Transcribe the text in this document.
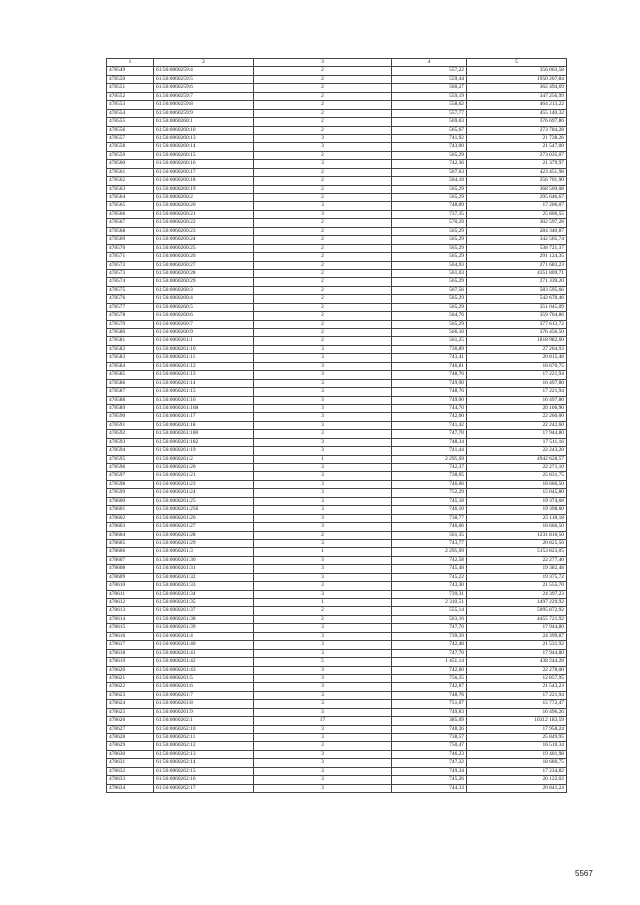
1	2	3	4	5
478549	61:56:0060259:4	2	557,22	356 063,58
478550	61:56:0060259:5	2	559,44	1950 207,84
478551	61:56:0060259:6	2	560,27	362 494,69
478552	61:56:0060259:7	2	559,19	347 256,99
478553	61:56:0060259:8	2	558,62	464 213,22
478554	61:56:0060259:9	2	557,77	455 140,32
478555	61:56:0060260:1	2	569,03	376 697,86
478556	61:56:0060260:10	2	565,67	273 784,28
478557	61:56:0060260:13	3	741,92	21 738,26
478558	61:56:0060260:14	3	743,00	21 547,00
478559	61:56:0060260:15	2	565,29	273 035,07
478560	61:56:0060260:16	3	742,36	21 379,97
478561	61:56:0060260:17	2	567,63	423 451,98
478562	61:56:0060260:18	2	564,18	256 701,90
478563	61:56:0060260:19	2	565,29	368 569,08
478564	61:56:0060260:2	2	565,29	295 646,67
478565	61:56:0060260:20	3	748,09	17 206,07
478566	61:56:0060260:21	3	737,35	25 806,55
478567	61:56:0060260:22	2	570,29	302 597,28
478568	61:56:0060260:23	2	565,29	284 340,87
478569	61:56:0060260:24	2	565,29	342 565,74
478570	61:56:0060260:25	2	565,29	538 721,37
478571	61:56:0060260:26	2	565,29	291 124,35
478572	61:56:0060260:27	2	564,93	271 683,23
478573	61:56:0060260:28	2	561,03	4351 809,71
478574	61:56:0060260:29	2	565,29	271 339,20
478575	61:56:0060260:3	2	567,56	583 595,66
478576	61:56:0060260:4	2	565,29	542 678,46
478577	61:56:0060260:5	2	565,29	351 045,09
478578	61:56:0060260:6	2	564,76	359 764,86
478579	61:56:0060260:7	2	565,29	377 613,72
478580	61:56:0060260:9	2	566,10	376 456,50
478581	61:56:0060261:1	2	561,25	1818 982,60
478582	61:56:0060261:10	3	736,89	27 264,93
478583	61:56:0060261:11	3	743,41	20 815,48
478584	61:56:0060261:12	3	746,81	18 670,75
478585	61:56:0060261:13	3	748,76	17 221,94
478586	61:56:0060261:14	3	749,90	16 497,80
478587	61:56:0060261:15	3	748,76	17 221,94
478588	61:56:0060261:16	3	749,90	16 497,80
478589	61:56:0060261:168	3	744,70	20 106,90
478590	61:56:0060261:17	3	742,00	22 260,00
478591	61:56:0060261:18	3	741,42	22 242,60
478592	61:56:0060261:180	3	747,70	17 944,80
478593	61:56:0060261:182	3	748,34	17 511,16
478594	61:56:0060261:19	3	741,44	22 243,20
478595	61:56:0060261:2	1	2 295,69	4942 628,57
478596	61:56:0060261:20	3	742,37	22 271,10
478597	61:56:0060261:21	3	738,05	25 831,75
478598	61:56:0060261:23	3	746,66	18 666,50
478599	61:56:0060261:24	3	752,29	15 045,80
478600	61:56:0060261:25	3	745,18	19 374,68
478601	61:56:0060261:256	3	746,10	19 398,60
478602	61:56:0060261:26	3	738,77	25 118,18
478603	61:56:0060261:27	3	746,66	18 666,50
478604	61:56:0060261:28	2	561,35	1231 810,50
478605	61:56:0060261:29	3	743,77	20 825,56
478606	61:56:0060261:3	1	2 295,69	5153 823,05
478607	61:56:0060261:30	3	742,58	22 277,40
478608	61:56:0060261:31	3	745,48	19 382,48
478609	61:56:0060261:32	3	745,22	19 375,72
478610	61:56:0060261:33	3	743,30	21 555,70
478611	61:56:0060261:34	3	739,31	24 397,23
478612	61:56:0060261:35	1	2 310,51	1497 229,92
478613	61:56:0060261:37	2	555,14	5095 872,92
478614	61:56:0060261:38	2	563,16	4455 721,92
478615	61:56:0060261:39	3	747,70	17 944,80
478616	61:56:0060261:4	3	739,39	24 399,87
478617	61:56:0060261:40	3	742,48	21 531,92
478618	61:56:0060261:41	3	747,70	17 944,80
478619	61:56:0060261:42	5	1 451,14	438 244,28
478620	61:56:0060261:43	3	742,60	22 278,00
478621	61:56:0060261:5	3	756,35	12 857,95
478622	61:56:0060261:6	3	742,87	21 543,23
478623	61:56:0060261:7	3	748,76	17 221,94
478624	61:56:0060261:8	3	751,07	15 772,47
478625	61:56:0060261:9	3	749,83	16 496,26
478626	61:56:0060262:1	17	385,09	10312 183,59
478627	61:56:0060262:10	3	748,26	17 958,24
478628	61:56:0060262:11	3	738,57	25 849,95
478629	61:56:0060262:12	3	750,47	16 510,34
478630	61:56:0060262:13	3	746,23	19 401,98
478631	61:56:0060262:14	3	747,22	18 680,75
478632	61:56:0060262:15	3	749,34	17 234,82
478633	61:56:0060262:16	3	745,26	20 122,02
478634	61:56:0060262:17	3	744,33	20 841,24
5567
